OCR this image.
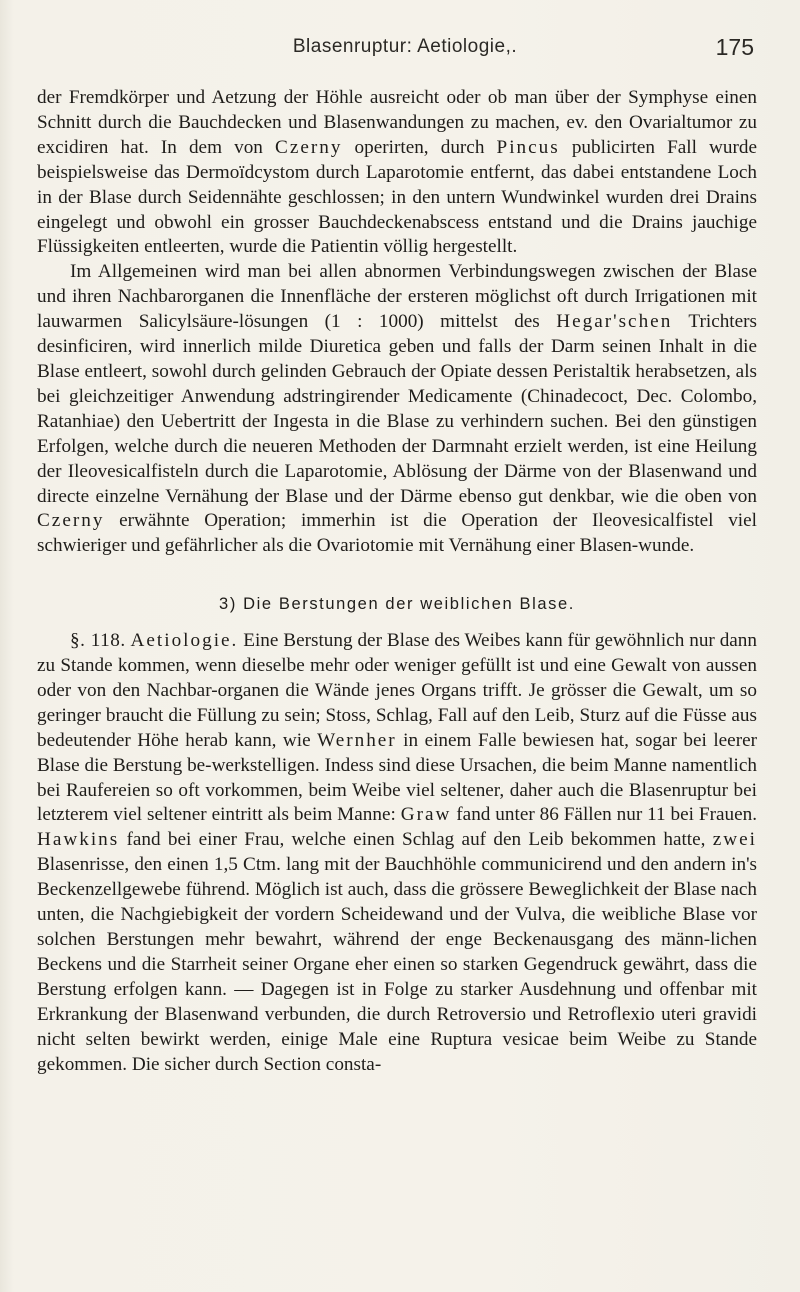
Blasenruptur: Aetiologie,.	175

der Fremdkörper und Aetzung der Höhle ausreicht oder ob man über der Symphyse einen Schnitt durch die Bauchdecken und Blasenwandungen zu machen, ev. den Ovarialtumor zu excidiren hat. In dem von Czerny operirten, durch Pincus publicirten Fall wurde beispielsweise das Dermoïdcystom durch Laparotomie entfernt, das dabei entstandene Loch in der Blase durch Seidennähte geschlossen; in den untern Wundwinkel wurden drei Drains eingelegt und obwohl ein grosser Bauchdeckenabscess entstand und die Drains jauchige Flüssigkeiten entleerten, wurde die Patientin völlig hergestellt.

Im Allgemeinen wird man bei allen abnormen Verbindungswegen zwischen der Blase und ihren Nachbarorganen die Innenfläche der ersteren möglichst oft durch Irrigationen mit lauwarmen Salicylsäure-lösungen (1 : 1000) mittelst des Hegar'schen Trichters desinficiren, wird innerlich milde Diuretica geben und falls der Darm seinen Inhalt in die Blase entleert, sowohl durch gelinden Gebrauch der Opiate dessen Peristaltik herabsetzen, als bei gleichzeitiger Anwendung adstringirender Medicamente (Chinadecoct, Dec. Colombo, Ratanhiae) den Uebertritt der Ingesta in die Blase zu verhindern suchen. Bei den günstigen Erfolgen, welche durch die neueren Methoden der Darmnaht erzielt werden, ist eine Heilung der Ileovesicalfisteln durch die Laparotomie, Ablösung der Därme von der Blasenwand und directe einzelne Vernähung der Blase und der Därme ebenso gut denkbar, wie die oben von Czerny erwähnte Operation; immerhin ist die Operation der Ileovesicalfistel viel schwieriger und gefährlicher als die Ovariotomie mit Vernähung einer Blasen-wunde.

3) Die Berstungen der weiblichen Blase.

§. 118. Aetiologie. Eine Berstung der Blase des Weibes kann für gewöhnlich nur dann zu Stande kommen, wenn dieselbe mehr oder weniger gefüllt ist und eine Gewalt von aussen oder von den Nachbar-organen die Wände jenes Organs trifft. Je grösser die Gewalt, um so geringer braucht die Füllung zu sein; Stoss, Schlag, Fall auf den Leib, Sturz auf die Füsse aus bedeutender Höhe herab kann, wie Wernher in einem Falle bewiesen hat, sogar bei leerer Blase die Berstung be-werkstelligen. Indess sind diese Ursachen, die beim Manne namentlich bei Raufereien so oft vorkommen, beim Weibe viel seltener, daher auch die Blasenruptur bei letzterem viel seltener eintritt als beim Manne: Graw fand unter 86 Fällen nur 11 bei Frauen. Hawkins fand bei einer Frau, welche einen Schlag auf den Leib bekommen hatte, zwei Blasenrisse, den einen 1,5 Ctm. lang mit der Bauchhöhle communicirend und den andern in's Beckenzellgewebe führend. Möglich ist auch, dass die grössere Beweglichkeit der Blase nach unten, die Nachgiebigkeit der vordern Scheidewand und der Vulva, die weibliche Blase vor solchen Berstungen mehr bewahrt, während der enge Beckenausgang des männ-lichen Beckens und die Starrheit seiner Organe eher einen so starken Gegendruck gewährt, dass die Berstung erfolgen kann. — Dagegen ist in Folge zu starker Ausdehnung und offenbar mit Erkrankung der Blasenwand verbunden, die durch Retroversio und Retroflexio uteri gravidi nicht selten bewirkt werden, einige Male eine Ruptura vesicae beim Weibe zu Stande gekommen. Die sicher durch Section consta-
